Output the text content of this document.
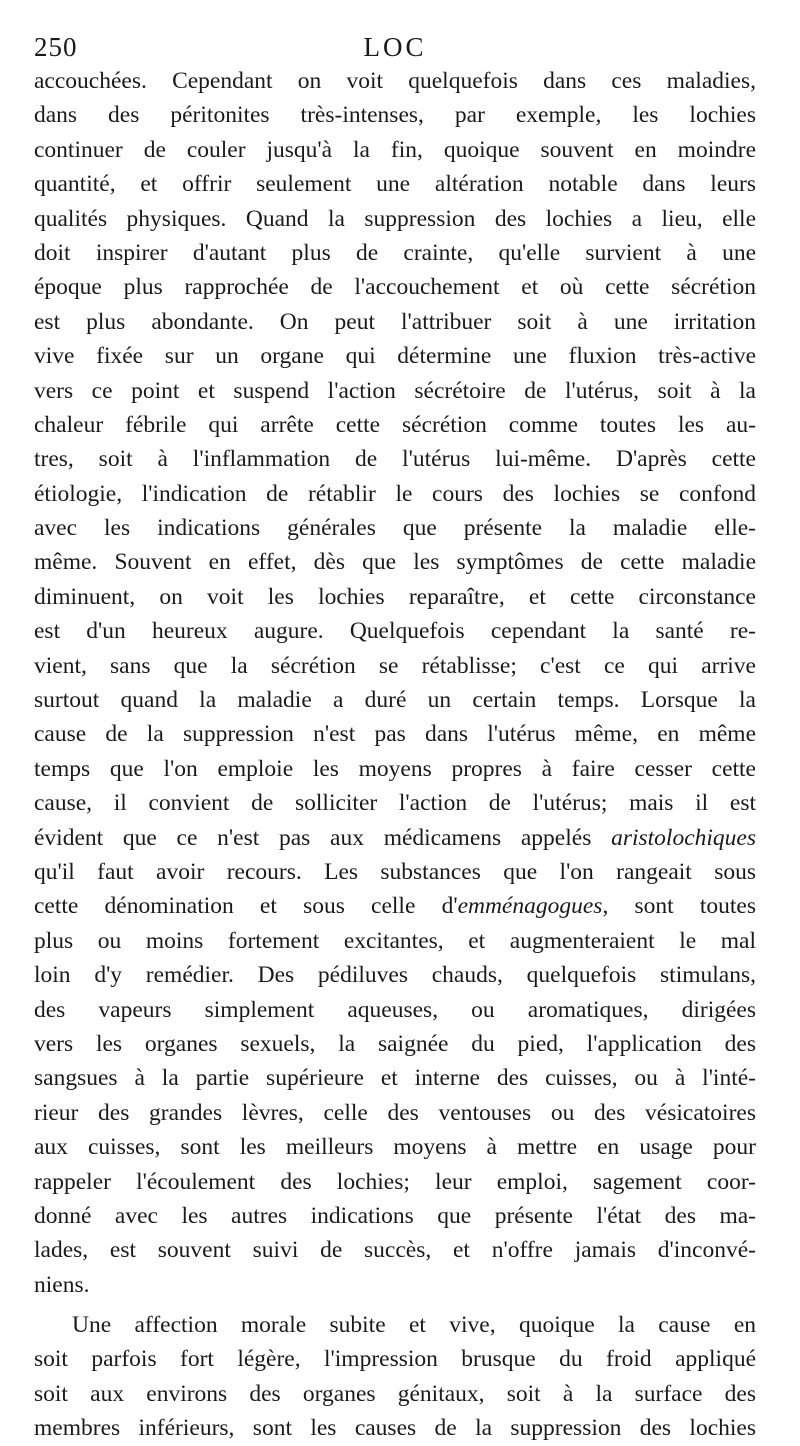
250	LOC
accouchées. Cependant on voit quelquefois dans ces maladies,
dans des péritonites très-intenses, par exemple, les lochies
continuer de couler jusqu'à la fin, quoique souvent en moindre
quantité, et offrir seulement une altération notable dans leurs
qualités physiques. Quand la suppression des lochies a lieu, elle
doit inspirer d'autant plus de crainte, qu'elle survient à une
époque plus rapprochée de l'accouchement et où cette sécrétion
est plus abondante. On peut l'attribuer soit à une irritation
vive fixée sur un organe qui détermine une fluxion très-active
vers ce point et suspend l'action sécrétoire de l'utérus, soit à la
chaleur fébrile qui arrête cette sécrétion comme toutes les au-
tres, soit à l'inflammation de l'utérus lui-même. D'après cette
étiologie, l'indication de rétablir le cours des lochies se confond
avec les indications générales que présente la maladie elle-
même. Souvent en effet, dès que les symptômes de cette maladie
diminuent, on voit les lochies reparaître, et cette circonstance
est d'un heureux augure. Quelquefois cependant la santé re-
vient, sans que la sécrétion se rétablisse; c'est ce qui arrive
surtout quand la maladie a duré un certain temps. Lorsque la
cause de la suppression n'est pas dans l'utérus même, en même
temps que l'on emploie les moyens propres à faire cesser cette
cause, il convient de solliciter l'action de l'utérus; mais il est
évident que ce n'est pas aux médicamens appelés aristolochiques
qu'il faut avoir recours. Les substances que l'on rangeait sous
cette dénomination et sous celle d'emménagogues, sont toutes
plus ou moins fortement excitantes, et augmenteraient le mal
loin d'y remédier. Des pédiluves chauds, quelquefois stimulans,
des vapeurs simplement aqueuses, ou aromatiques, dirigées
vers les organes sexuels, la saignée du pied, l'application des
sangsues à la partie supérieure et interne des cuisses, ou à l'inté-
rieur des grandes lèvres, celle des ventouses ou des vésicatoires
aux cuisses, sont les meilleurs moyens à mettre en usage pour
rappeler l'écoulement des lochies; leur emploi, sagement coor-
donné avec les autres indications que présente l'état des ma-
lades, est souvent suivi de succès, et n'offre jamais d'inconvé-
niens.
Une affection morale subite et vive, quoique la cause en
soit parfois fort légère, l'impression brusque du froid appliqué
soit aux environs des organes génitaux, soit à la surface des
membres inférieurs, sont les causes de la suppression des lochies
